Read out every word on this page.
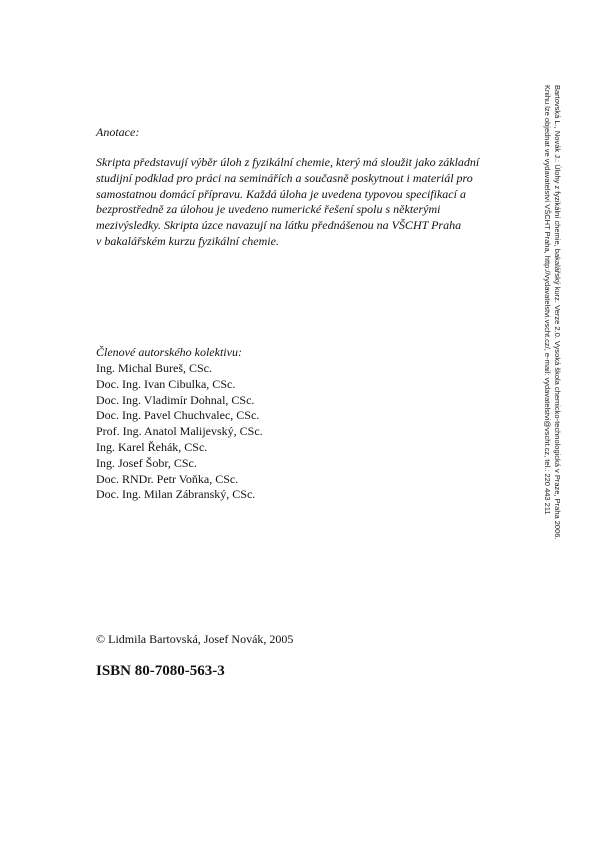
Anotace:
Skripta představují výběr úloh z fyzikální chemie, který má sloužit jako základní
studijní podklad pro práci na seminářích a současně poskytnout i materiál pro
samostatnou domácí přípravu. Každá úloha je uvedena typovou specifikací a
bezprostředně za úlohou je uvedeno numerické řešení spolu s některými
mezivýsledky. Skripta úzce navazují na látku přednášenou na VŠCHT Praha
v bakalářském kurzu fyzikální chemie.
Členové autorského kolektivu:
Ing. Michal Bureš, CSc.
Doc. Ing. Ivan Cibulka, CSc.
Doc. Ing. Vladimír Dohnal, CSc.
Doc. Ing. Pavel Chuchvalec, CSc.
Prof. Ing. Anatol Malijevský, CSc.
Ing. Karel Řehák, CSc.
Ing. Josef Šobr, CSc.
Doc. RNDr. Petr Voňka, CSc.
Doc. Ing. Milan Zábranský, CSc.
© Lidmila Bartovská, Josef Novák, 2005
ISBN 80-7080-563-3
Bartovská L., Novák J.: Úlohy z fyzikální chemie, bakalářský kurz. Verze 2.0. Vysoká škola chemicko-technologická v Praze, Praha 2006.
Knihu lze objednat ve vydavatelství VŠCHT Praha, http://vydavatelstvi.vscht.cz/, e-mail: vydavatelstvi@vscht.cz, tel.: 220 443 211
